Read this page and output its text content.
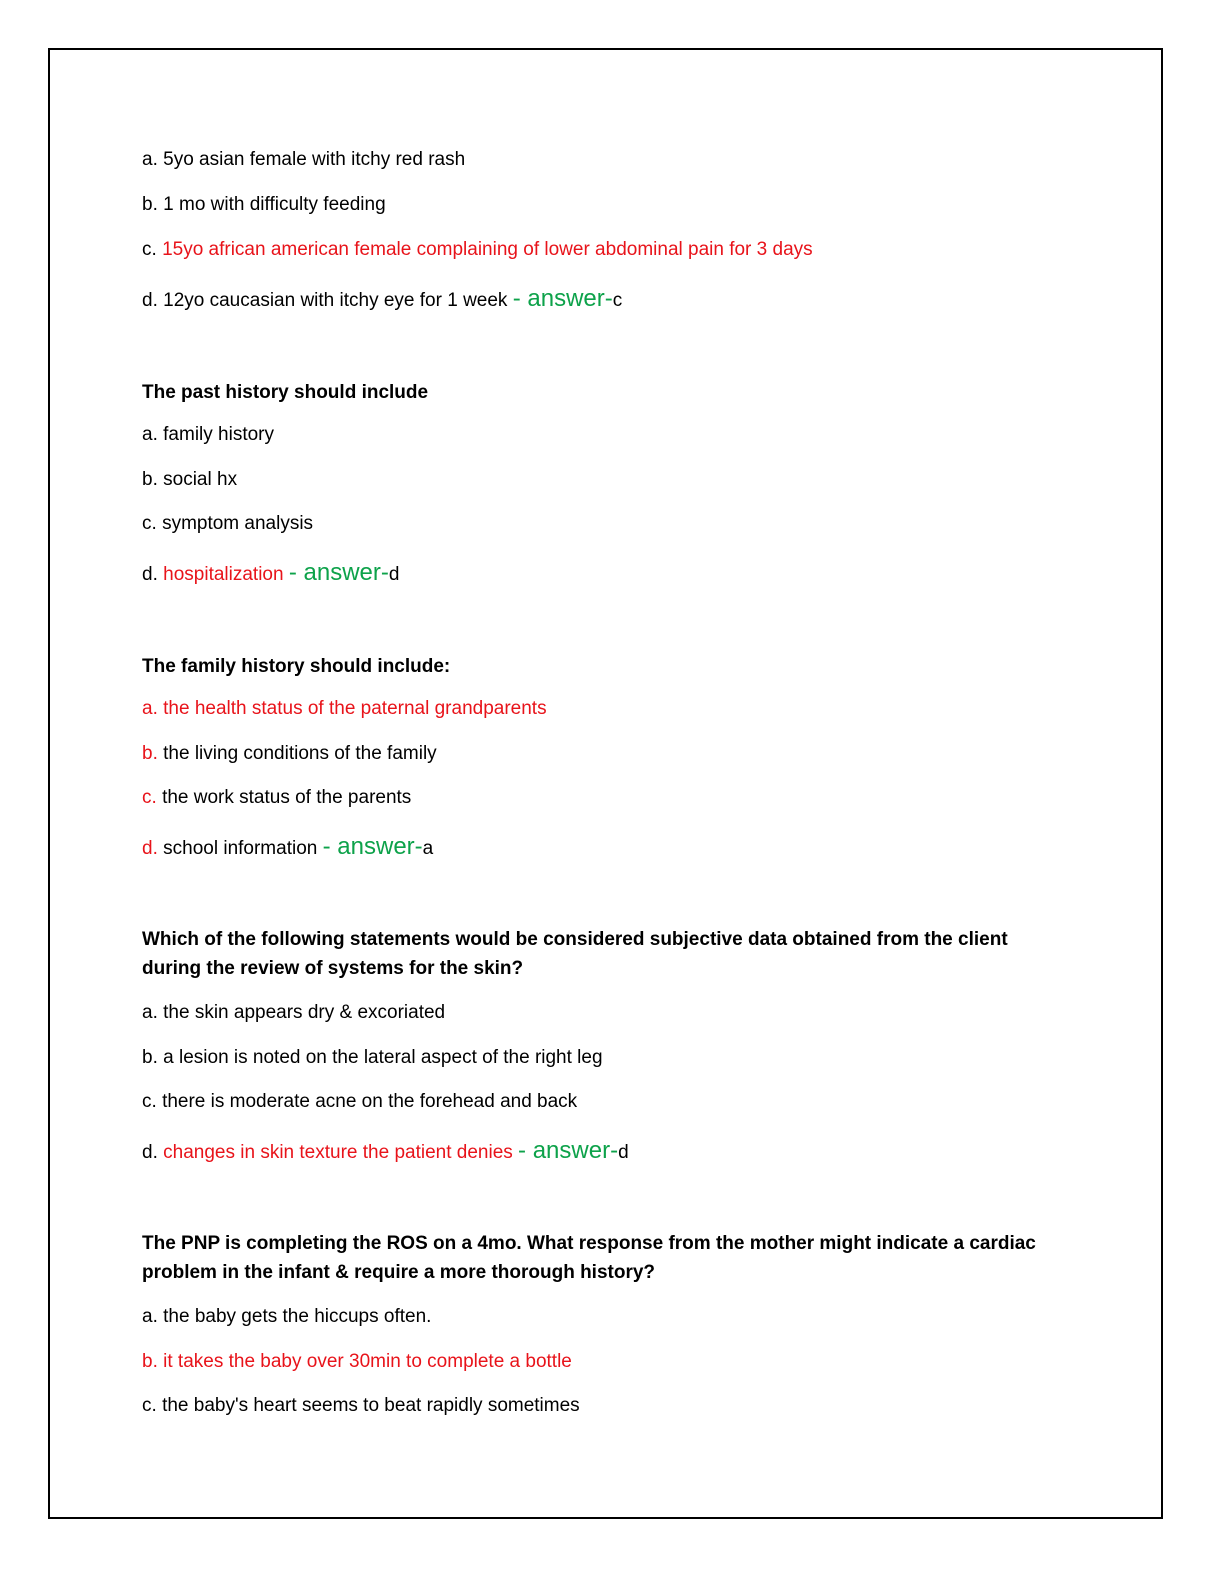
a. 5yo asian female with itchy red rash
b. 1 mo with difficulty feeding
c. 15yo african american female complaining of lower abdominal pain for 3 days
d. 12yo caucasian with itchy eye for 1 week - answer-c
The past history should include
a. family history
b. social hx
c. symptom analysis
d. hospitalization - answer-d
The family history should include:
a. the health status of the paternal grandparents
b. the living conditions of the family
c. the work status of the parents
d. school information - answer-a
Which of the following statements would be considered subjective data obtained from the client during the review of systems for the skin?
a. the skin appears dry & excoriated
b. a lesion is noted on the lateral aspect of the right leg
c. there is moderate acne on the forehead and back
d. changes in skin texture the patient denies - answer-d
The PNP is completing the ROS on a 4mo. What response from the mother might indicate a cardiac problem in the infant & require a more thorough history?
a. the baby gets the hiccups often.
b. it takes the baby over 30min to complete a bottle
c. the baby's heart seems to beat rapidly sometimes
